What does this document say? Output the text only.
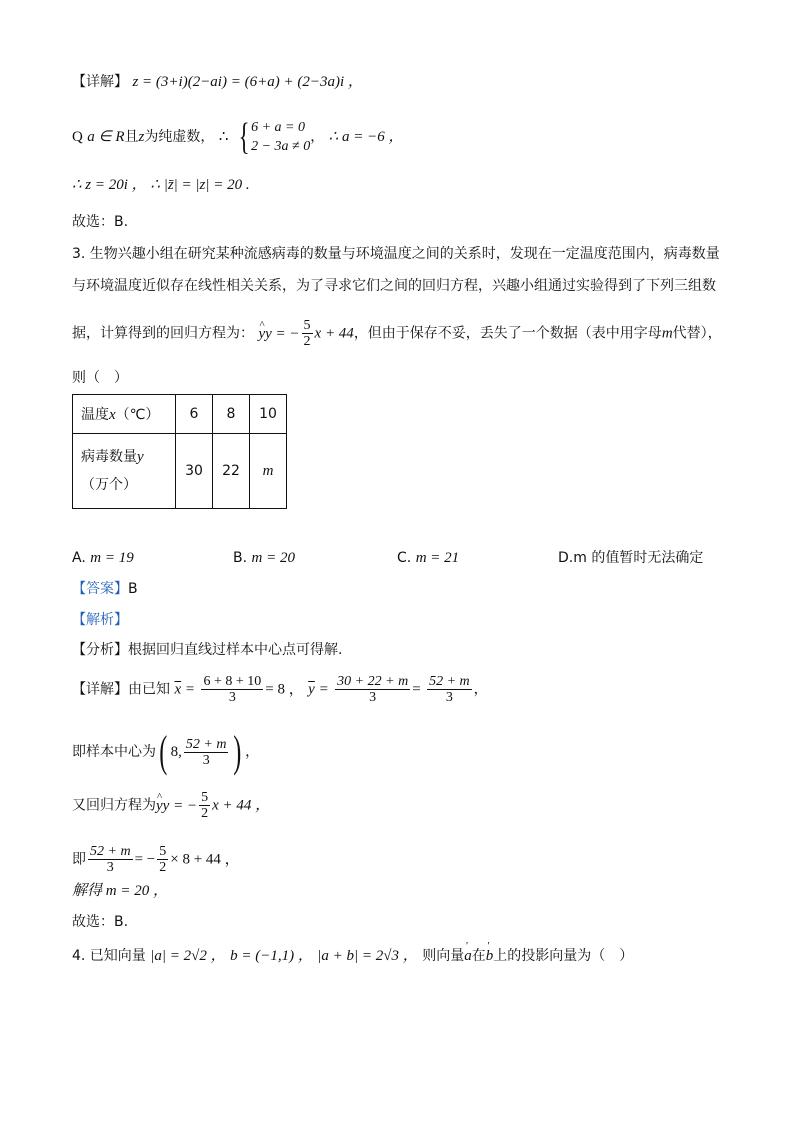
【详解】 z = (3+i)(2−ai) = (6+a) + (2−3a)i ，
Q a ∈ R且z为纯虚数， ∴ { 6 + a = 0
2 − 3a ≠ 0
， ∴ a = −6 ，
∴ z = 20i ， ∴ |z̄| = |z| = 20 .
故选：B.
3. 生物兴趣小组在研究某种流感病毒的数量与环境温度之间的关系时，发现在一定温度范围内，病毒数量
与环境温度近似存在线性相关关系，为了寻求它们之间的回归方程，兴趣小组通过实验得到了下列三组数
据，计算得到的回归方程为： ^ yy = − $\frac{5}{2}$ x + 44，但由于保存不妥，丢失了一个数据（表中用字母m代替），
则（　）
温度x（℃）	6	8	10
病毒数量y
（万个）	30	22	m
A. m = 19	B. m = 20	C. m = 21	D.m 的值暂时无法确定
【答案】B
【解析】
【分析】根据回归直线过样本中心点可得解.
【详解】由已知 $\overline{x} = \frac{6 + 8 + 10}{3} = 8$ ， $\overline{y} = \frac{30 + 22 + m}{3} = \frac{52 + m}{3}$ ，
即样本中心为( 8, $\frac{52 + m}{3}$ ) ，
又回归方程为^ yy = − $\frac{5}{2}$ x + 44 ，
即 $\frac{52 + m}{3}$ = − $\frac{5}{2} \times 8 + 44$ ，
解得 m = 20 ，
故选：B.
4. 已知向量 |a| = 2√2 ， b = (−1,1) ， |a + b| = 2√3 ， 则向量' a在' b上的投影向量为（　）
